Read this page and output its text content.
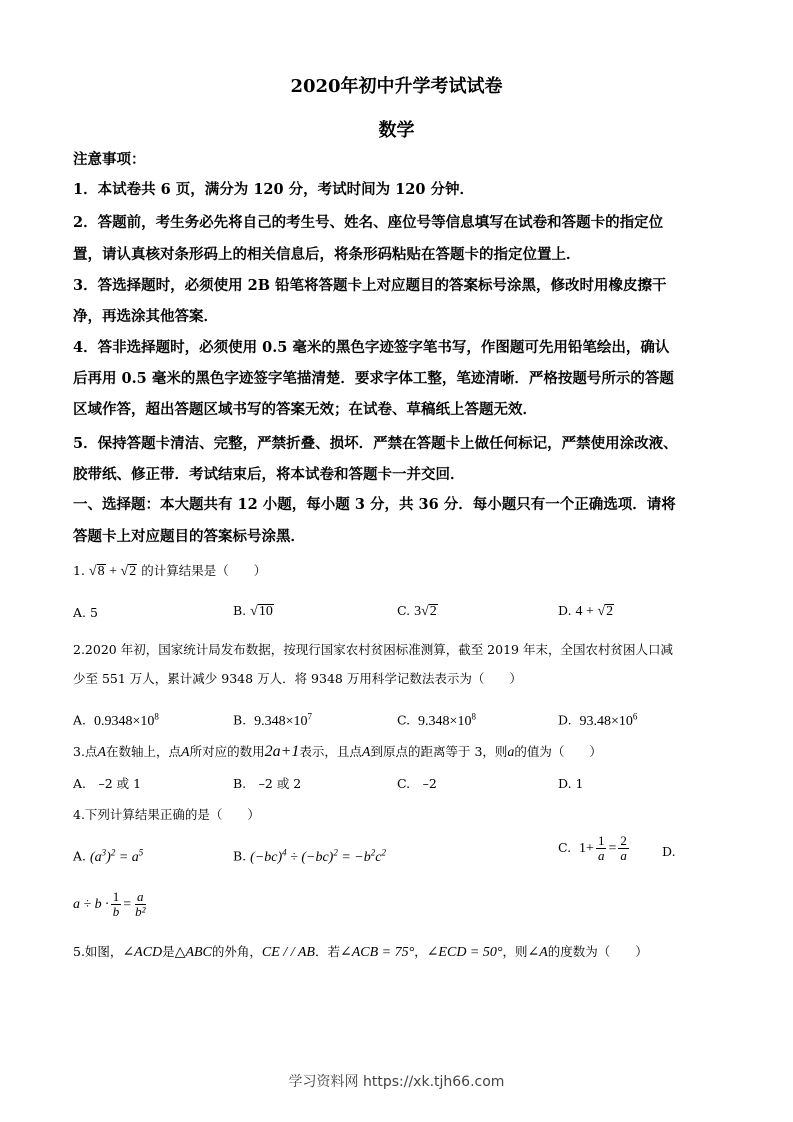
2020年初中升学考试试卷
数学
注意事项：
1．本试卷共 6 页，满分为 120 分，考试时间为 120 分钟．
2．答题前，考生务必先将自己的考生号、姓名、座位号等信息填写在试卷和答题卡的指定位
置，请认真核对条形码上的相关信息后，将条形码粘贴在答题卡的指定位置上．
3．答选择题时，必须使用 2B 铅笔将答题卡上对应题目的答案标号涂黑，修改时用橡皮擦干
净，再选涂其他答案．
4．答非选择题时，必须使用 0.5 毫米的黑色字迹签字笔书写，作图题可先用铅笔绘出，确认
后再用 0.5 毫米的黑色字迹签字笔描清楚．要求字体工整，笔迹清晰．严格按题号所示的答题
区域作答，超出答题区域书写的答案无效；在试卷、草稿纸上答题无效．
5．保持答题卡清洁、完整，严禁折叠、损坏．严禁在答题卡上做任何标记，严禁使用涂改液、
胶带纸、修正带．考试结束后，将本试卷和答题卡一并交回．
一、选择题：本大题共有 12 小题，每小题 3 分，共 36 分．每小题只有一个正确选项．请将
答题卡上对应题目的答案标号涂黑．
1. √8 + √2 的计算结果是（　　）
A. 5	B. √10	C. 3√2	D. 4 + √2
2.2020 年初，国家统计局发布数据，按现行国家农村贫困标准测算，截至 2019 年末，全国农村贫困人口减
少至 551 万人，累计减少 9348 万人．将 9348 万用科学记数法表示为（　　）
A. $0.9348\times 10^8$	B. $9.348\times 10^7$	C. $9.348\times 10^8$	D. $93.48\times 10^6$
3.点A在数轴上，点A所对应的数用2a+1表示，且点A到原点的距离等于 3，则a的值为（　　）
A.　–2 或 1	B.　–2 或 2	C.　–2	D. 1
4.下列计算结果正确的是（　　）
A. $(a^3)^2 = a^5$	B. $(-bc)^4 \div (-bc)^2 = -b^2c^2$	C. $1+ \frac{1}{a} = \frac{2}{a}$	D.
$a \div b \cdot \frac{1}{b} = \frac{a}{\text{b²}}$
5.如图，∠ACD是△ABC的外角，CE / / AB．若∠ACB = 75°，∠ECD = 50°，则∠A的度数为（　　）
学习资料网 https://xk.tjh66.com
